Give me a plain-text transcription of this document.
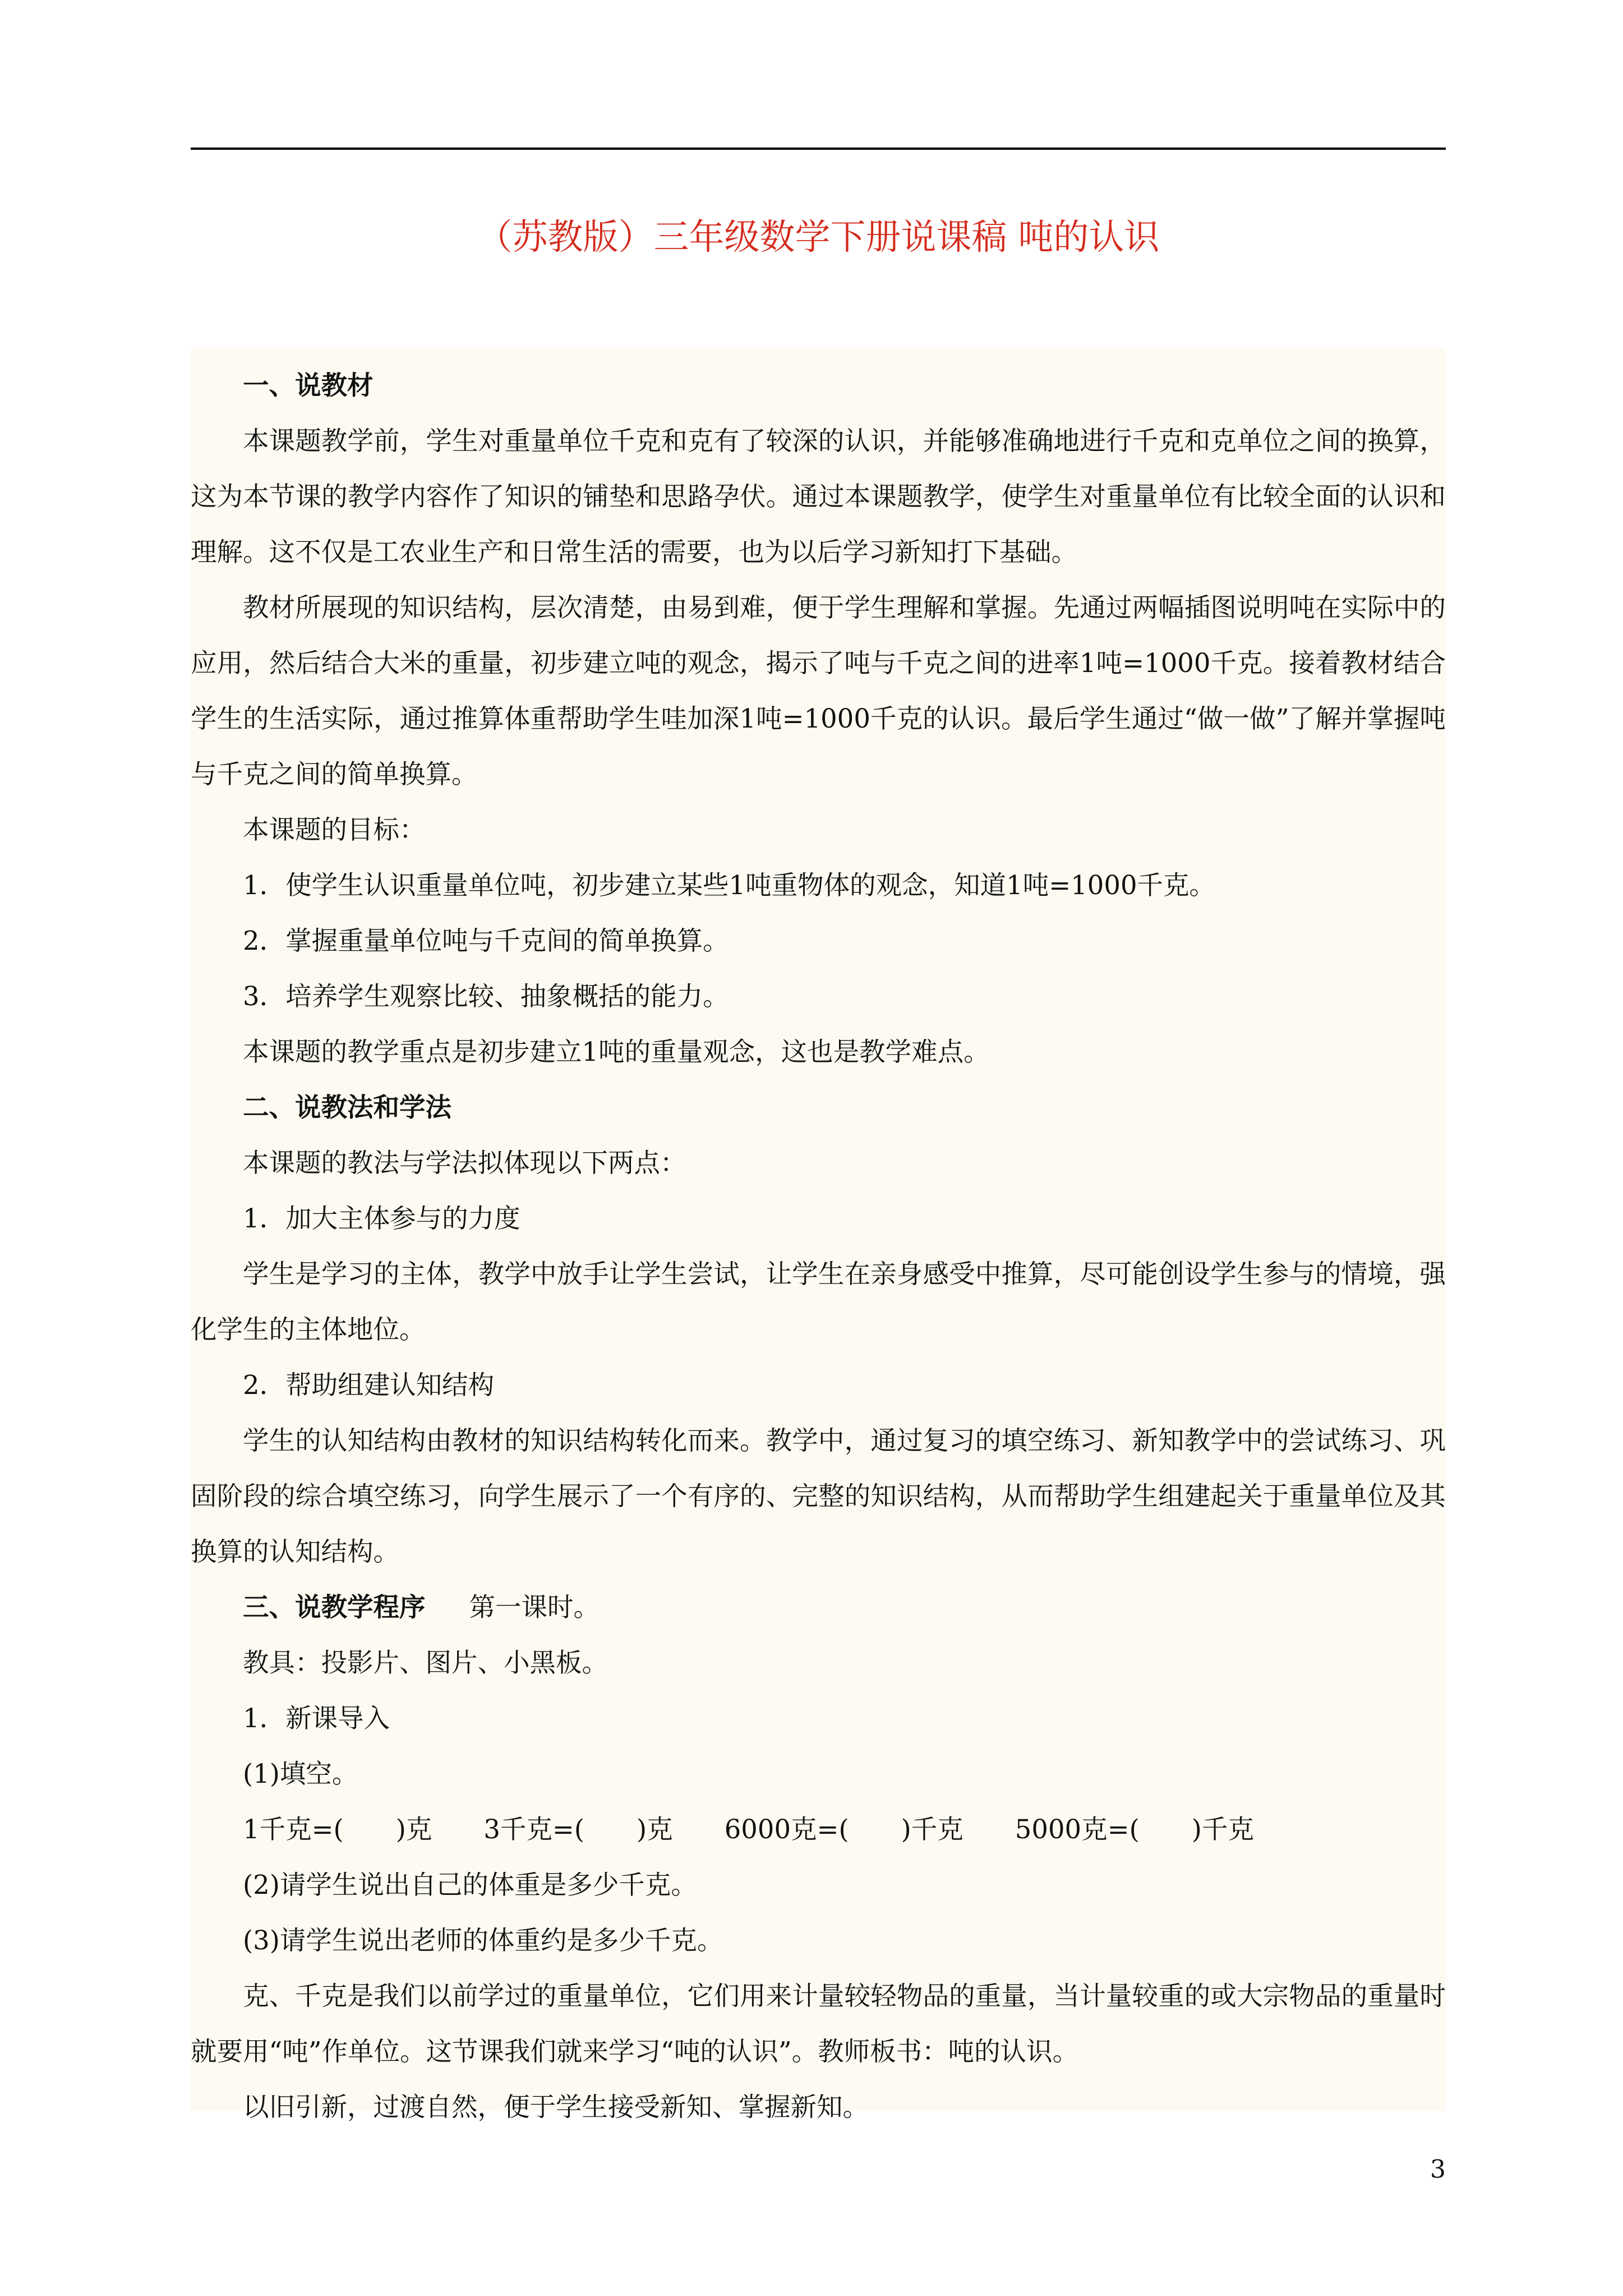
（苏教版）三年级数学下册说课稿 吨的认识

一、说教材

本课题教学前，学生对重量单位千克和克有了较深的认识，并能够准确地进行千克和克单位之间的换算，这为本节课的教学内容作了知识的铺垫和思路孕伏。通过本课题教学，使学生对重量单位有比较全面的认识和理解。这不仅是工农业生产和日常生活的需要，也为以后学习新知打下基础。

教材所展现的知识结构，层次清楚，由易到难，便于学生理解和掌握。先通过两幅插图说明吨在实际中的应用，然后结合大米的重量，初步建立吨的观念，揭示了吨与千克之间的进率1吨=1000千克。接着教材结合学生的生活实际，通过推算体重帮助学生哇加深1吨=1000千克的认识。最后学生通过“做一做”了解并掌握吨与千克之间的简单换算。

本课题的目标：

1．使学生认识重量单位吨，初步建立某些1吨重物体的观念，知道1吨=1000千克。

2．掌握重量单位吨与千克间的简单换算。

3．培养学生观察比较、抽象概括的能力。

本课题的教学重点是初步建立1吨的重量观念，这也是教学难点。

二、说教法和学法

本课题的教法与学法拟体现以下两点：

1．加大主体参与的力度

学生是学习的主体，教学中放手让学生尝试，让学生在亲身感受中推算，尽可能创设学生参与的情境，强化学生的主体地位。

2．帮助组建认知结构

学生的认知结构由教材的知识结构转化而来。教学中，通过复习的填空练习、新知教学中的尝试练习、巩固阶段的综合填空练习，向学生展示了一个有序的、完整的知识结构，从而帮助学生组建起关于重量单位及其换算的认知结构。

三、说教学程序 第一课时。

教具：投影片、图片、小黑板。

1．新课导入

(1)填空。

1千克=(　　)克 3千克=(　　)克 6000克=(　　)千克 5000克=(　　)千克

(2)请学生说出自己的体重是多少千克。

(3)请学生说出老师的体重约是多少千克。

克、千克是我们以前学过的重量单位，它们用来计量较轻物品的重量，当计量较重的或大宗物品的重量时就要用“吨”作单位。这节课我们就来学习“吨的认识”。教师板书：吨的认识。

以旧引新，过渡自然，便于学生接受新知、掌握新知。

3
